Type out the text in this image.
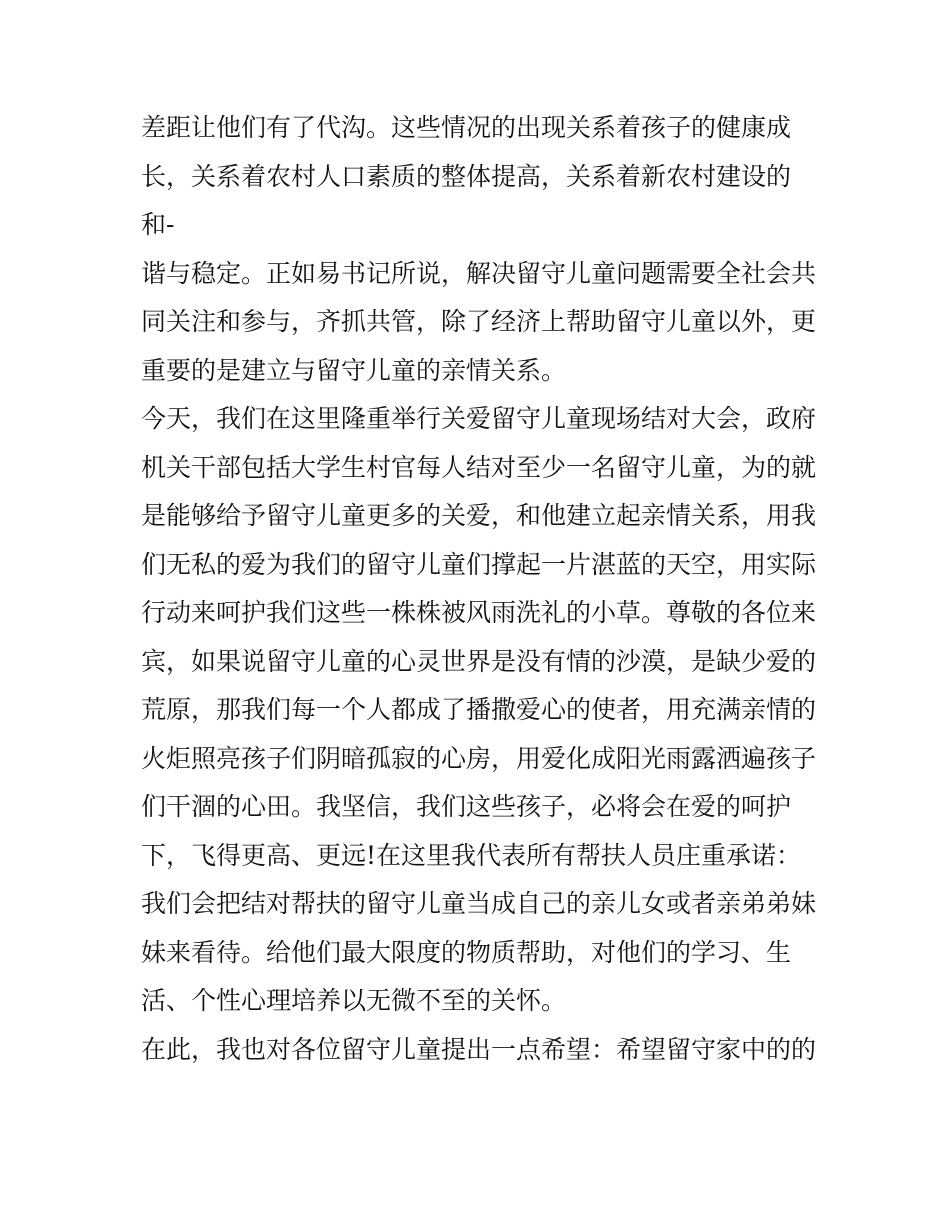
差距让他们有了代沟。这些情况的出现关系着孩子的健康成
长，关系着农村人口素质的整体提高，关系着新农村建设的
和-
谐与稳定。正如易书记所说，解决留守儿童问题需要全社会共
同关注和参与，齐抓共管，除了经济上帮助留守儿童以外，更
重要的是建立与留守儿童的亲情关系。
今天，我们在这里隆重举行关爱留守儿童现场结对大会，政府
机关干部包括大学生村官每人结对至少一名留守儿童，为的就
是能够给予留守儿童更多的关爱，和他建立起亲情关系，用我
们无私的爱为我们的留守儿童们撑起一片湛蓝的天空，用实际
行动来呵护我们这些一株株被风雨洗礼的小草。尊敬的各位来
宾，如果说留守儿童的心灵世界是没有情的沙漠，是缺少爱的
荒原，那我们每一个人都成了播撒爱心的使者，用充满亲情的
火炬照亮孩子们阴暗孤寂的心房，用爱化成阳光雨露洒遍孩子
们干涸的心田。我坚信，我们这些孩子，必将会在爱的呵护
下，飞得更高、更远!在这里我代表所有帮扶人员庄重承诺：
我们会把结对帮扶的留守儿童当成自己的亲儿女或者亲弟弟妹
妹来看待。给他们最大限度的物质帮助，对他们的学习、生
活、个性心理培养以无微不至的关怀。
在此，我也对各位留守儿童提出一点希望：希望留守家中的的
